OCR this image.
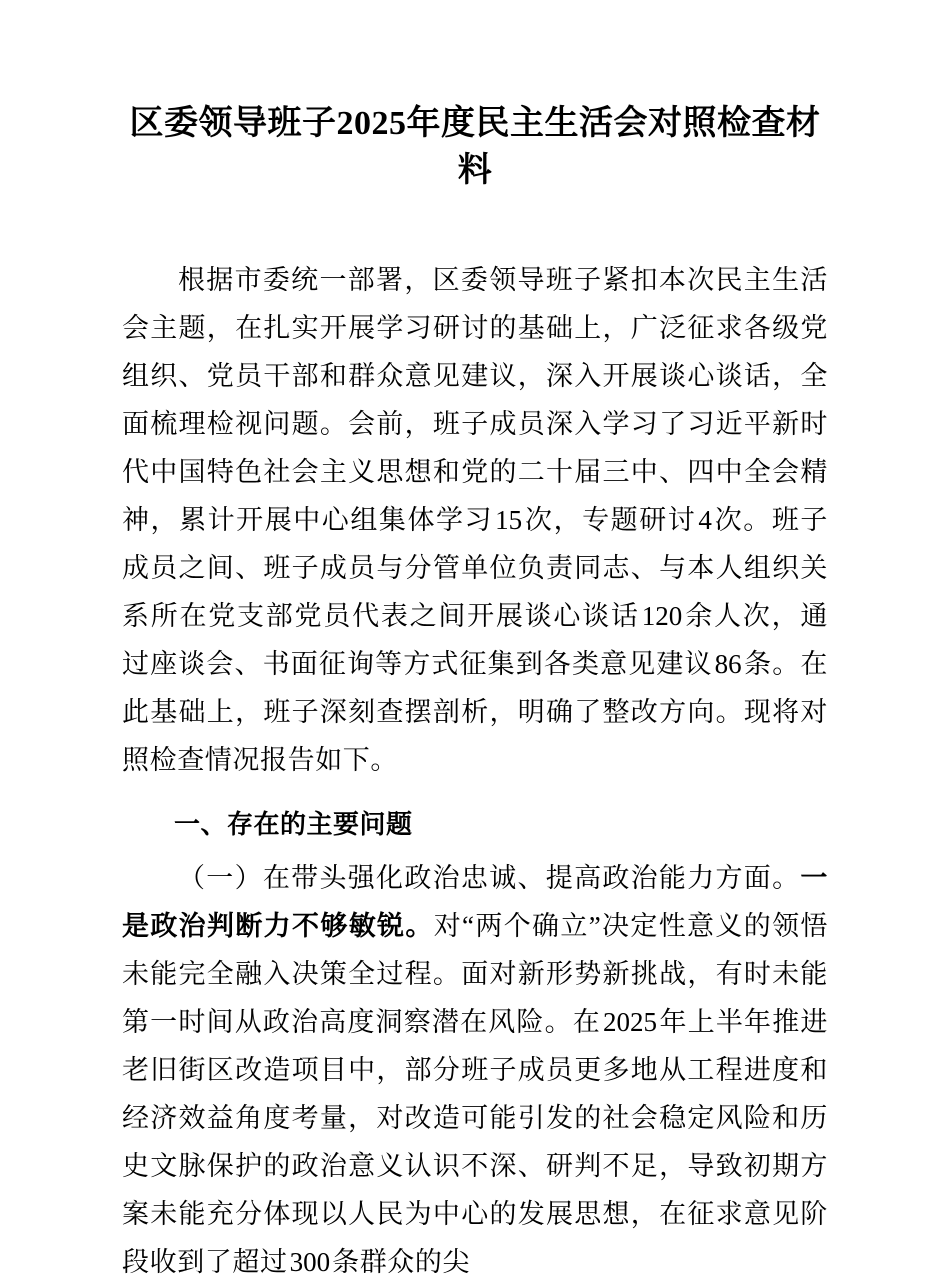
区委领导班子2025年度民主生活会对照检查材料

根据市委统一部署，区委领导班子紧扣本次民主生活会主题，在扎实开展学习研讨的基础上，广泛征求各级党组织、党员干部和群众意见建议，深入开展谈心谈话，全面梳理检视问题。会前，班子成员深入学习了习近平新时代中国特色社会主义思想和党的二十届三中、四中全会精神，累计开展中心组集体学习15次，专题研讨4次。班子成员之间、班子成员与分管单位负责同志、与本人组织关系所在党支部党员代表之间开展谈心谈话120余人次，通过座谈会、书面征询等方式征集到各类意见建议86条。在此基础上，班子深刻查摆剖析，明确了整改方向。现将对照检查情况报告如下。

一、存在的主要问题

（一）在带头强化政治忠诚、提高政治能力方面。一是政治判断力不够敏锐。对“两个确立”决定性意义的领悟未能完全融入决策全过程。面对新形势新挑战，有时未能第一时间从政治高度洞察潜在风险。在2025年上半年推进老旧街区改造项目中，部分班子成员更多地从工程进度和经济效益角度考量，对改造可能引发的社会稳定风险和历史文脉保护的政治意义认识不深、研判不足，导致初期方案未能充分体现以人民为中心的发展思想，在征求意见阶段收到了超过300条群众的尖
